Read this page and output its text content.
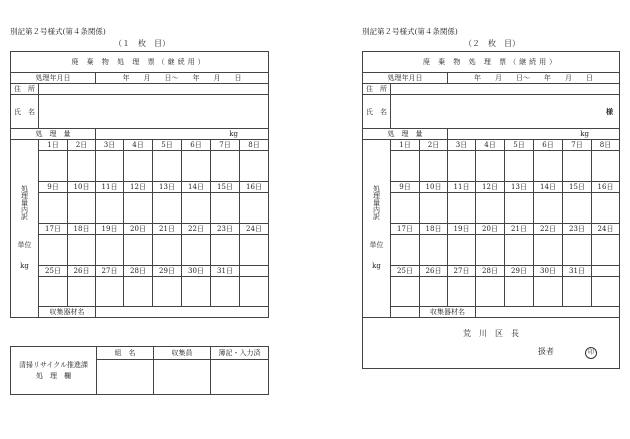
別記第２号様式(第４条関係)
（１　枚　目）
廃 棄 物 処 理 票（継続用）								
処理年月日			年　　月　　日〜　　年　　月　　日					
住　所								
氏　名								
処　理　量			kg					

処理量内訳
単位
kg	1日	2日	3日	4日	5日	6日	7日	8日

	9日	10日	11日	12日	13日	14日	15日	16日

	17日	18日	19日	20日	21日	22日	23日	24日

	25日	26日	27日	28日	29日	30日	31日	

	収集器材名							
清掃リサイクル推進課
処　理　欄	組　名	収集員	簿記・入力済

別記第２号様式(第４条関係)
（２　枚　目）
廃 棄 物 処 理 票（継続用）								
処理年月日			年　　月　　日〜　　年　　月　　日					
住　所								
氏　名	様							
処　理　量			kg					

処理量内訳
単位
kg	1日	2日	3日	4日	5日	6日	7日	8日

	9日	10日	11日	12日	13日	14日	15日	16日

	17日	18日	19日	20日	21日	22日	23日	24日

	25日	26日	27日	28日	29日	30日	31日	

		収集器材名						

荒　川　区　長
扱者 印								
